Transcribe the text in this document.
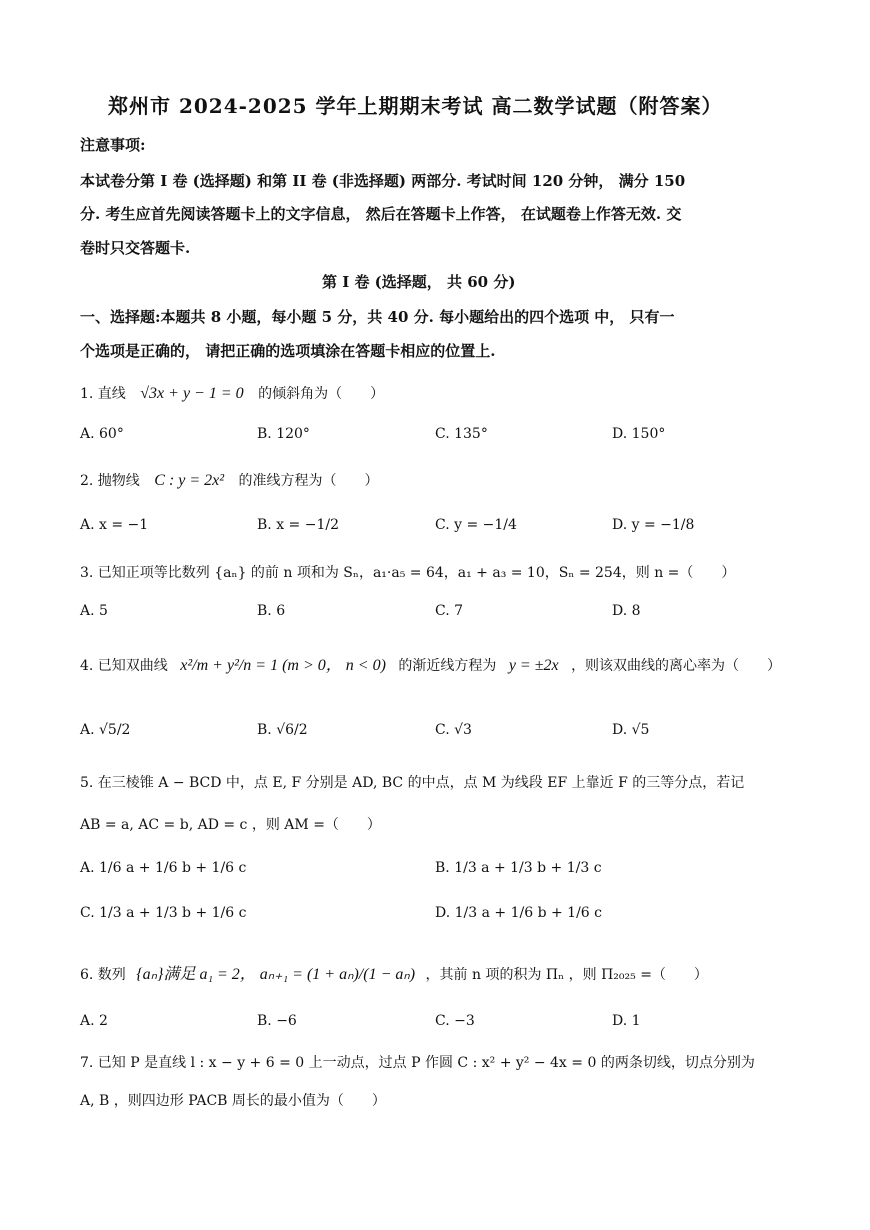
郑州市 2024-2025 学年上期期末考试 高二数学试题（附答案）
注意事项:
本试卷分第 I 卷 (选择题) 和第 II 卷 (非选择题) 两部分. 考试时间 120 分钟， 满分 150
分. 考生应首先阅读答题卡上的文字信息， 然后在答题卡上作答， 在试题卷上作答无效. 交
卷时只交答题卡.
第 I 卷 (选择题， 共 60 分)
一、选择题:本题共 8 小题，每小题 5 分，共 40 分. 每小题给出的四个选项 中， 只有一
个选项是正确的， 请把正确的选项填涂在答题卡相应的位置上.
1. 直线 √3x + y − 1 = 0 的倾斜角为（　　）
A. 60°	B. 120°	C. 135°	D. 150°
2. 抛物线 C : y = 2x² 的准线方程为（　　）
A. x = −1	B. x = −1/2	C. y = −1/4	D. y = −1/8
3. 已知正项等比数列 {aₙ} 的前 n 项和为 Sₙ，a₁·a₅ = 64，a₁ + a₃ = 10，Sₙ = 254，则 n =（　　）
A. 5	B. 6	C. 7	D. 8
4. 已知双曲线 x²/m + y²/n = 1 (m > 0， n < 0) 的渐近线方程为 y = ±2x ，则该双曲线的离心率为（　　）
A. √5/2	B. √6/2	C. √3	D. √5
5. 在三棱锥 A − BCD 中，点 E, F 分别是 AD, BC 的中点，点 M 为线段 EF 上靠近 F 的三等分点，若记
AB = a, AC = b, AD = c ，则 AM =（　　）
A. 1/6 a + 1/6 b + 1/6 c	B. 1/3 a + 1/3 b + 1/3 c
C. 1/3 a + 1/3 b + 1/6 c	D. 1/3 a + 1/6 b + 1/6 c
6. 数列 {aₙ}满足 a₁ = 2， aₙ₊₁ = (1 + aₙ)/(1 − aₙ) ，其前 n 项的积为 Πₙ ，则 Π₂₀₂₅ =（　　）
A. 2	B. −6	C. −3	D. 1
7. 已知 P 是直线 l : x − y + 6 = 0 上一动点，过点 P 作圆 C : x² + y² − 4x = 0 的两条切线，切点分别为
A, B ，则四边形 PACB 周长的最小值为（　　）
